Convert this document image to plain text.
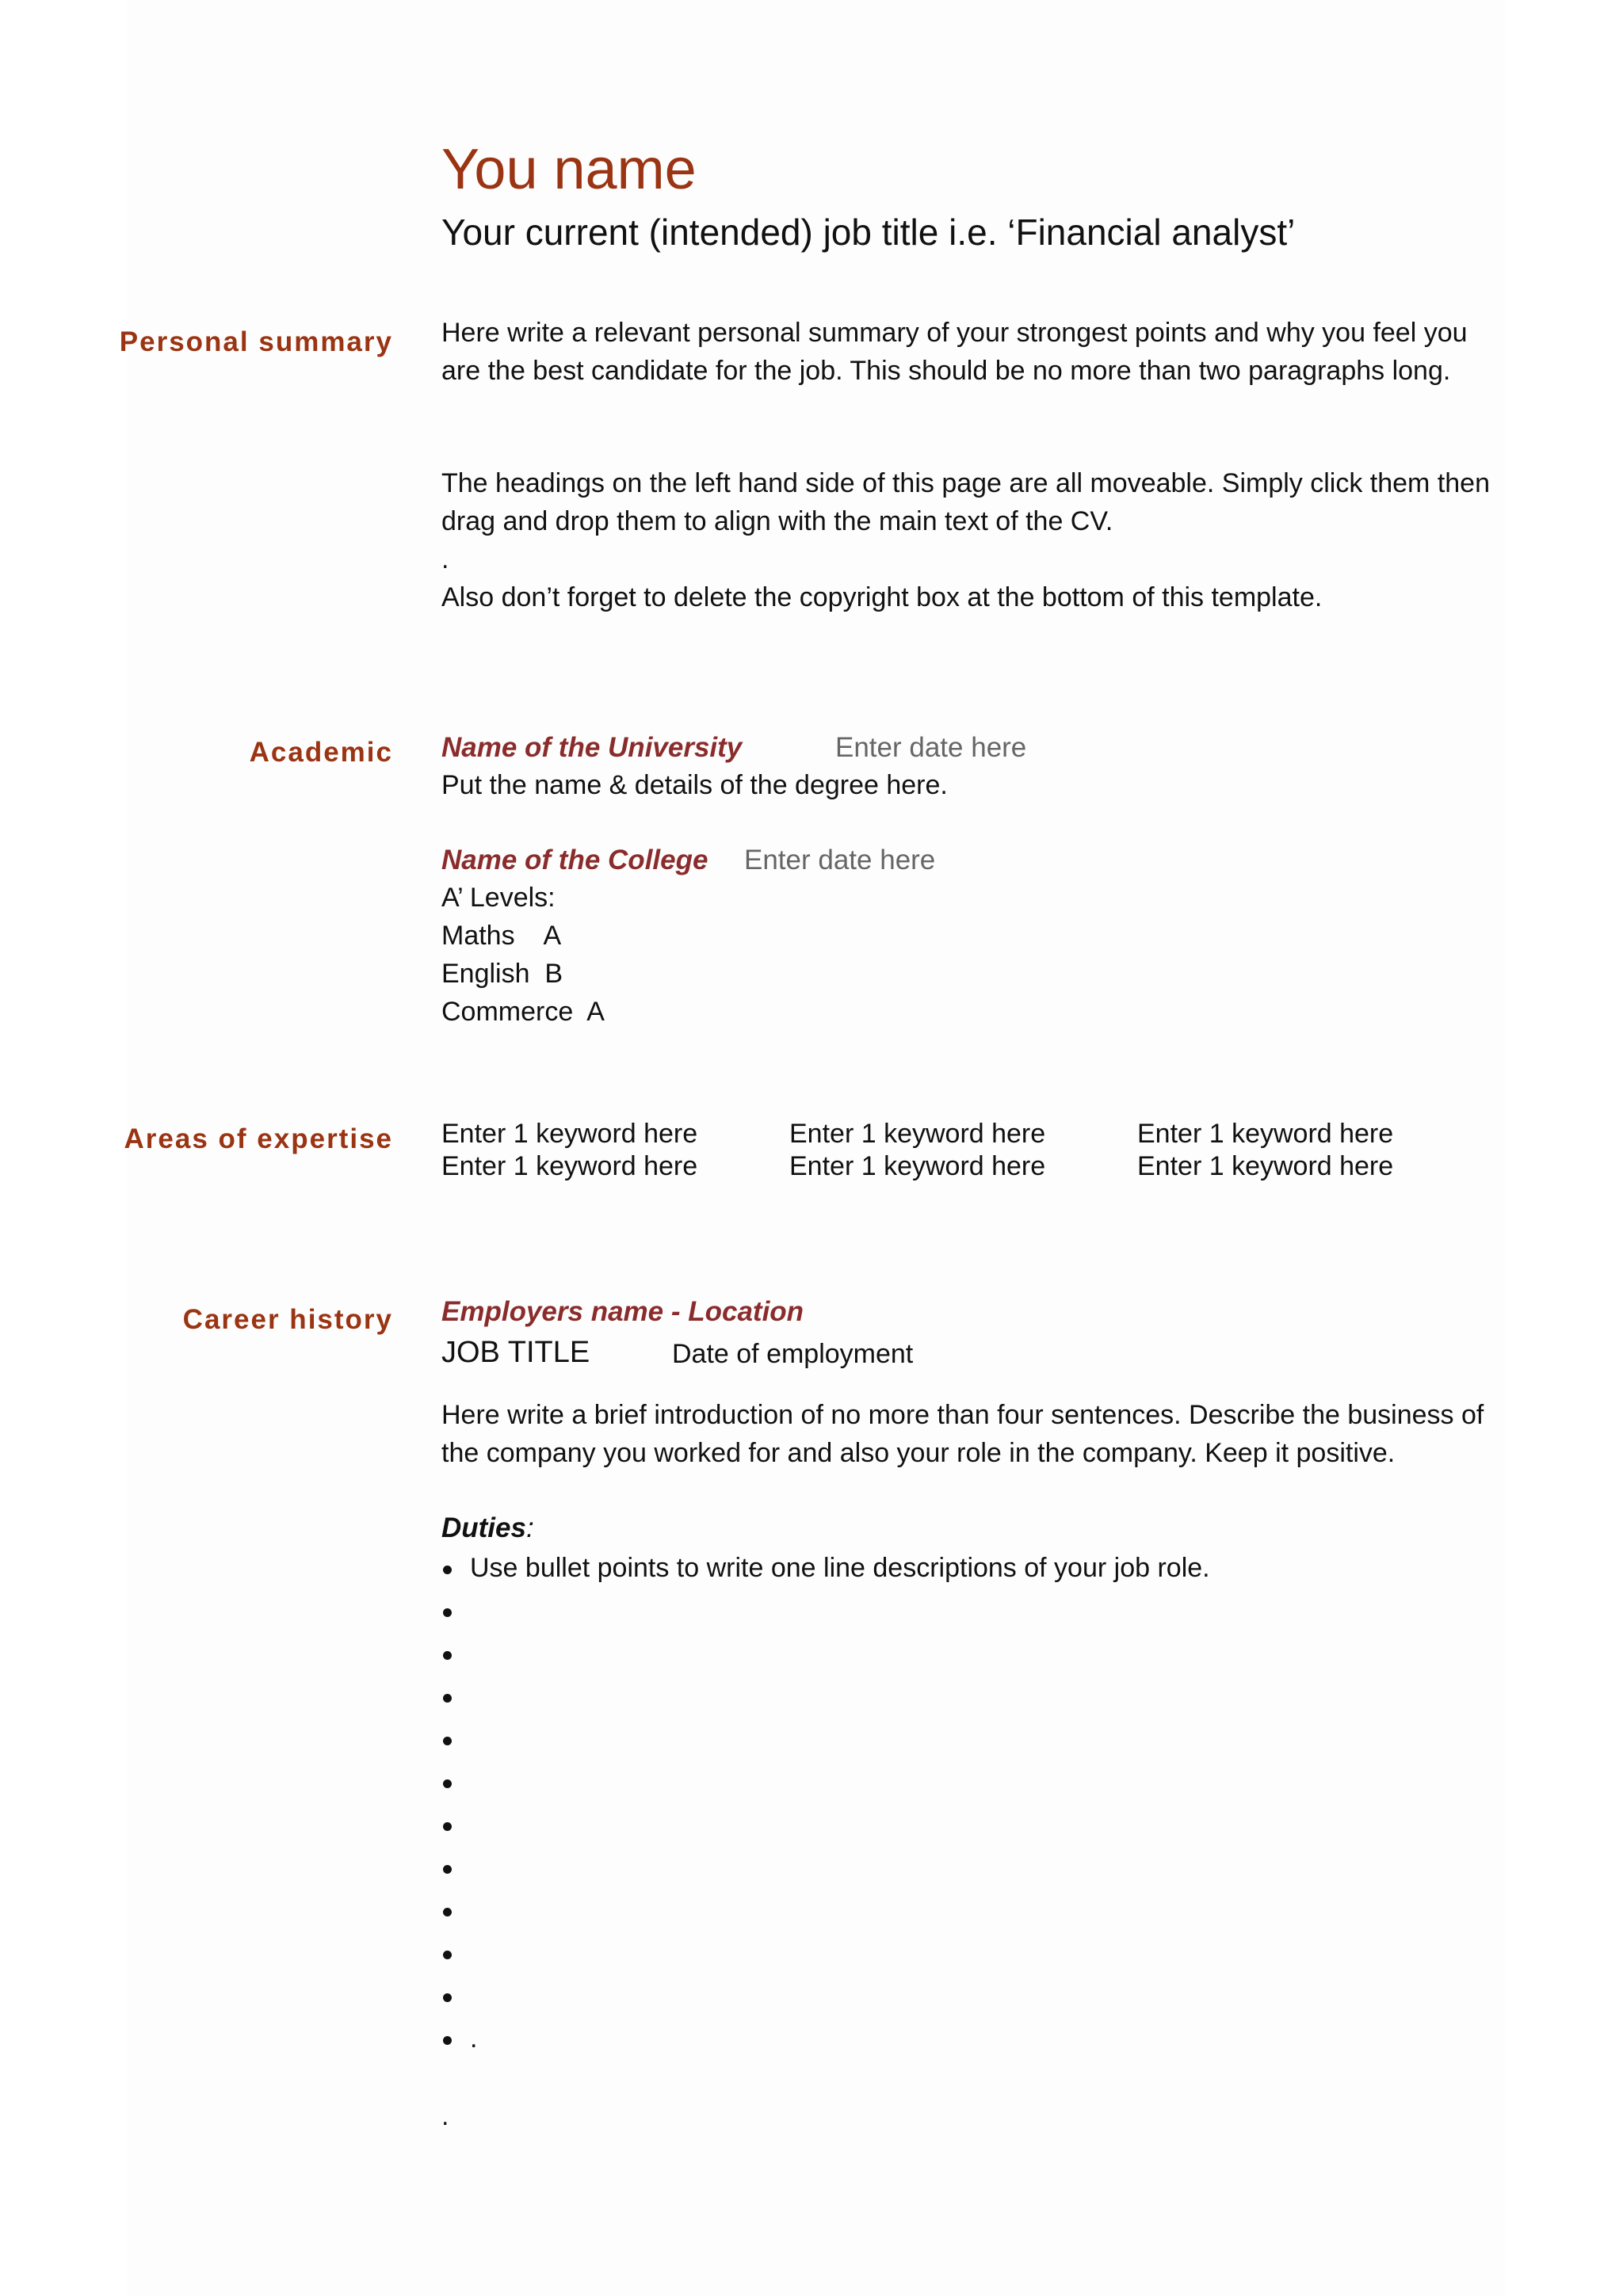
You name
Your current (intended) job title i.e. ‘Financial analyst’
Personal summary Here write a relevant personal summary of your strongest points and why you feel you are the best candidate for the job. This should be no more than two paragraphs long.
The headings on the left hand side of this page are all moveable. Simply click them then drag and drop them to align with the main text of the CV.
.
Also don’t forget to delete the copyright box at the bottom of this template.
Academic Name of the University	Enter date here
Put the name & details of the degree here.
Name of the College Enter date here
A’ Levels:
Maths    A
English  B
Commerce  A
Areas of expertise Enter 1 keyword here	Enter 1 keyword here	Enter 1 keyword here
Enter 1 keyword here	Enter 1 keyword here	Enter 1 keyword here
Career history Employers name - Location
JOB TITLE	Date of employment
Here write a brief introduction of no more than four sentences. Describe the business of the company you worked for and also your role in the company. Keep it positive.
Duties:
Use bullet points to write one line descriptions of your job role.
.
.
